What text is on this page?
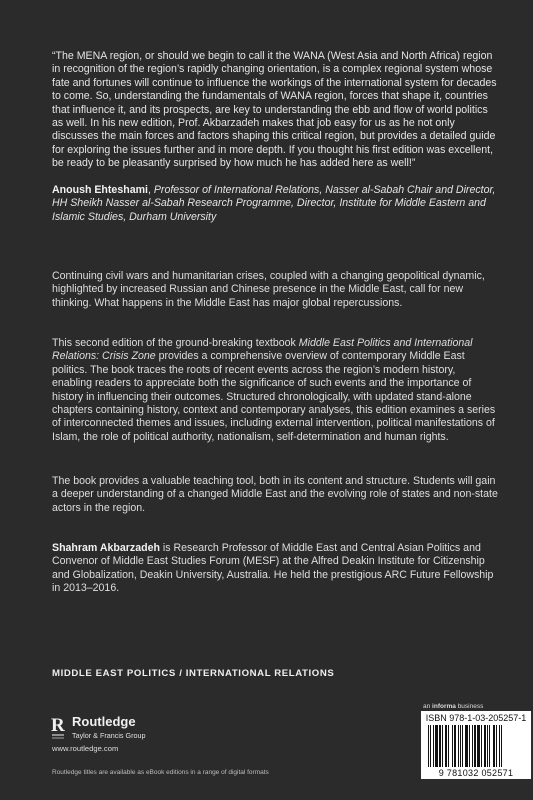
“The MENA region, or should we begin to call it the WANA (West Asia and North Africa) region in recognition of the region’s rapidly changing orientation, is a complex regional system whose fate and fortunes will continue to influence the workings of the international system for decades to come. So, understanding the fundamentals of WANA region, forces that shape it, countries that influence it, and its prospects, are key to understanding the ebb and flow of world politics as well. In his new edition, Prof. Akbarzadeh makes that job easy for us as he not only discusses the main forces and factors shaping this critical region, but provides a detailed guide for exploring the issues further and in more depth. If you thought his first edition was excellent, be ready to be pleasantly surprised by how much he has added here as well!”
Anoush Ehteshami, Professor of International Relations, Nasser al-Sabah Chair and Director, HH Sheikh Nasser al-Sabah Research Programme, Director, Institute for Middle Eastern and Islamic Studies, Durham University

Continuing civil wars and humanitarian crises, coupled with a changing geopolitical dynamic, highlighted by increased Russian and Chinese presence in the Middle East, call for new thinking. What happens in the Middle East has major global repercussions.

This second edition of the ground-breaking textbook Middle East Politics and International Relations: Crisis Zone provides a comprehensive overview of contemporary Middle East politics. The book traces the roots of recent events across the region’s modern history, enabling readers to appreciate both the significance of such events and the importance of history in influencing their outcomes. Structured chronologically, with updated stand-alone chapters containing history, context and contemporary analyses, this edition examines a series of interconnected themes and issues, including external intervention, political manifestations of Islam, the role of political authority, nationalism, self-determination and human rights.

The book provides a valuable teaching tool, both in its content and structure. Students will gain a deeper understanding of a changed Middle East and the evolving role of states and non-state actors in the region.

Shahram Akbarzadeh is Research Professor of Middle East and Central Asian Politics and Convenor of Middle East Studies Forum (MESF) at the Alfred Deakin Institute for Citizenship and Globalization, Deakin University, Australia. He held the prestigious ARC Future Fellowship in 2013–2016.

MIDDLE EAST POLITICS / INTERNATIONAL RELATIONS
an informa business
R Routledge
Taylor & Francis Group
www.routledge.com
Routledge titles are available as eBook editions in a range of digital formats
ISBN 978-1-03-205257-1
9 781032 052571
